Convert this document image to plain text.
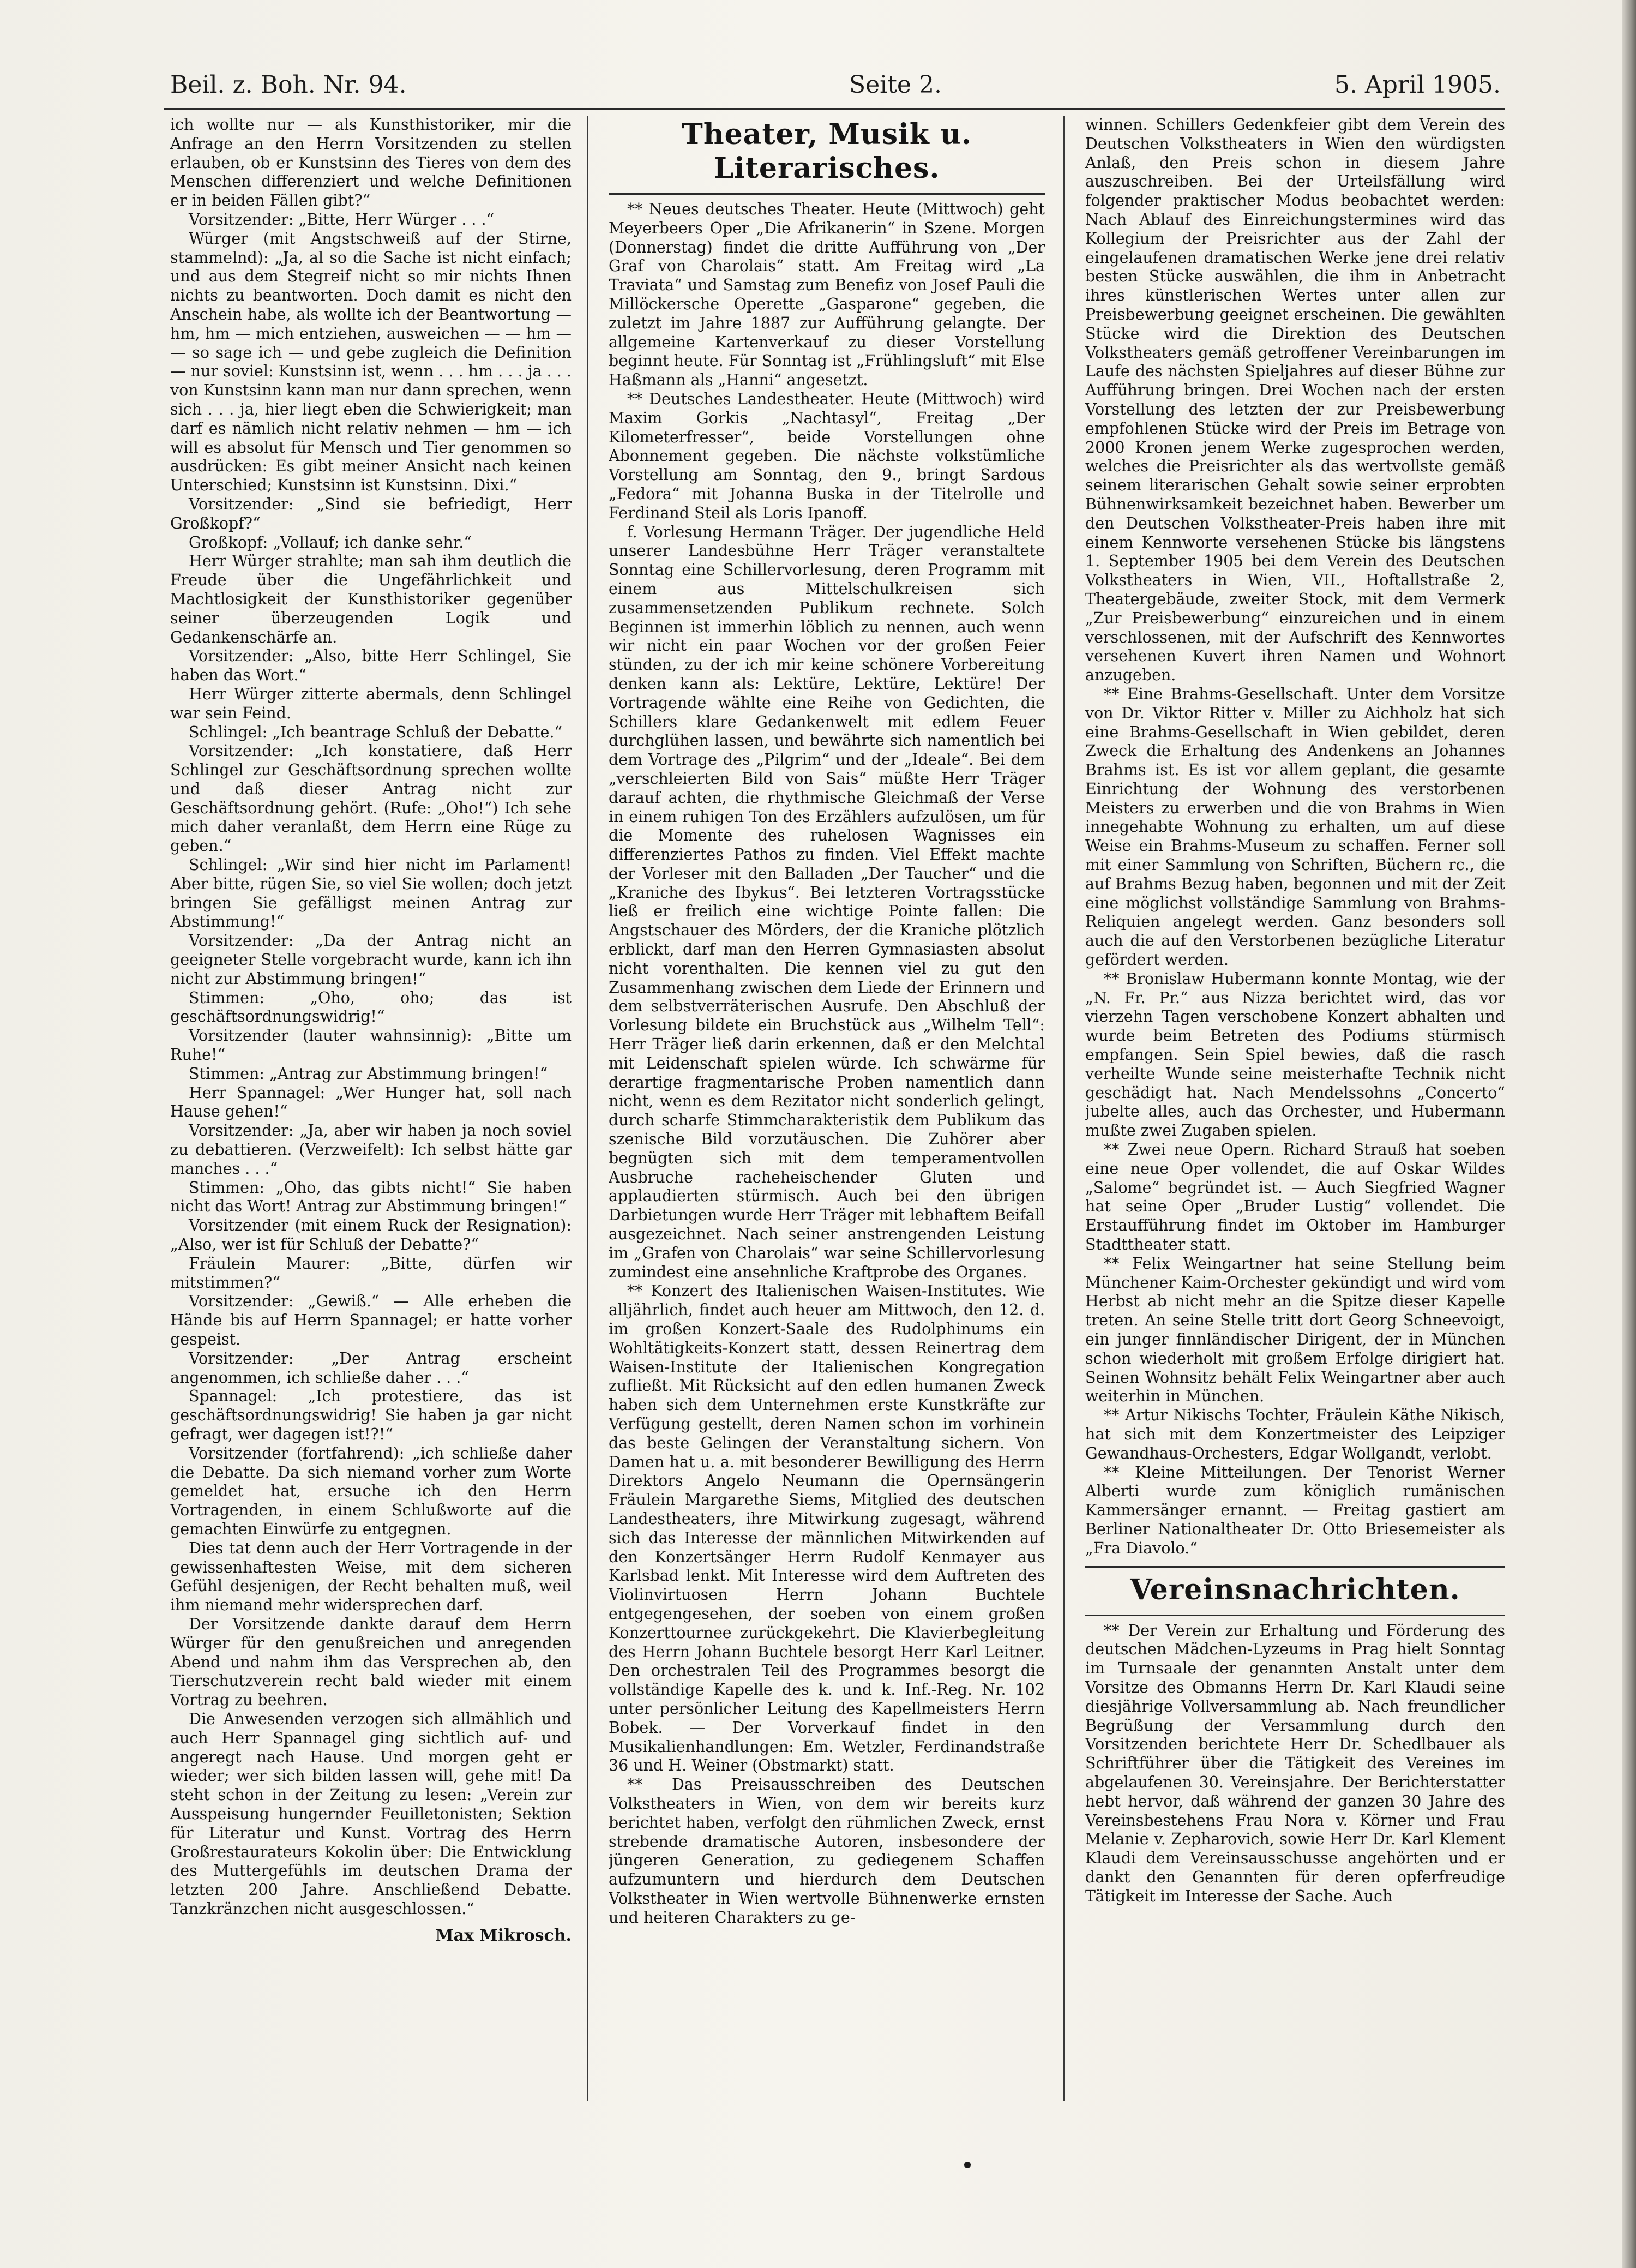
Beil. z. Boh. Nr. 94.	Seite 2.	5. April 1905.

ich wollte nur — als Kunsthistoriker, mir die Anfrage an den Herrn Vorsitzenden zu stellen erlauben, ob er Kunstsinn des Tieres von dem des Menschen differenziert und welche Definitionen er in beiden Fällen gibt?“

Vorsitzender: „Bitte, Herr Würger . . .“

Würger (mit Angstschweiß auf der Stirne, stammelnd): „Ja, al so die Sache ist nicht einfach; und aus dem Stegreif nicht so mir nichts Ihnen nichts zu beantworten. Doch damit es nicht den Anschein habe, als wollte ich der Beantwortung — hm, hm — mich entziehen, ausweichen — — hm — — so sage ich — und gebe zugleich die Definition — nur soviel: Kunstsinn ist, wenn . . . hm . . . ja . . . von Kunstsinn kann man nur dann sprechen, wenn sich . . . ja, hier liegt eben die Schwierigkeit; man darf es nämlich nicht relativ nehmen — hm — ich will es absolut für Mensch und Tier genommen so ausdrücken: Es gibt meiner Ansicht nach keinen Unterschied; Kunstsinn ist Kunstsinn. Dixi.“

Vorsitzender: „Sind sie befriedigt, Herr Großkopf?“

Großkopf: „Vollauf; ich danke sehr.“

Herr Würger strahlte; man sah ihm deutlich die Freude über die Ungefährlichkeit und Machtlosigkeit der Kunsthistoriker gegenüber seiner überzeugenden Logik und Gedankenschärfe an.

Vorsitzender: „Also, bitte Herr Schlingel, Sie haben das Wort.“

Herr Würger zitterte abermals, denn Schlingel war sein Feind.

Schlingel: „Ich beantrage Schluß der Debatte.“

Vorsitzender: „Ich konstatiere, daß Herr Schlingel zur Geschäftsordnung sprechen wollte und daß dieser Antrag nicht zur Geschäftsordnung gehört. (Rufe: „Oho!“) Ich sehe mich daher veranlaßt, dem Herrn eine Rüge zu geben.“

Schlingel: „Wir sind hier nicht im Parlament! Aber bitte, rügen Sie, so viel Sie wollen; doch jetzt bringen Sie gefälligst meinen Antrag zur Abstimmung!“

Vorsitzender: „Da der Antrag nicht an geeigneter Stelle vorgebracht wurde, kann ich ihn nicht zur Abstimmung bringen!“

Stimmen: „Oho, oho; das ist geschäftsordnungswidrig!“

Vorsitzender (lauter wahnsinnig): „Bitte um Ruhe!“

Stimmen: „Antrag zur Abstimmung bringen!“

Herr Spannagel: „Wer Hunger hat, soll nach Hause gehen!“

Vorsitzender: „Ja, aber wir haben ja noch soviel zu debattieren. (Verzweifelt): Ich selbst hätte gar manches . . .“

Stimmen: „Oho, das gibts nicht!“ Sie haben nicht das Wort! Antrag zur Abstimmung bringen!“

Vorsitzender (mit einem Ruck der Resignation): „Also, wer ist für Schluß der Debatte?“

Fräulein Maurer: „Bitte, dürfen wir mitstimmen?“

Vorsitzender: „Gewiß.“ — Alle erheben die Hände bis auf Herrn Spannagel; er hatte vorher gespeist.

Vorsitzender: „Der Antrag erscheint angenommen, ich schließe daher . . .“

Spannagel: „Ich protestiere, das ist geschäftsordnungswidrig! Sie haben ja gar nicht gefragt, wer dagegen ist!?!“

Vorsitzender (fortfahrend): „ich schließe daher die Debatte. Da sich niemand vorher zum Worte gemeldet hat, ersuche ich den Herrn Vortragenden, in einem Schlußworte auf die gemachten Einwürfe zu entgegnen.

Dies tat denn auch der Herr Vortragende in der gewissenhaftesten Weise, mit dem sicheren Gefühl desjenigen, der Recht behalten muß, weil ihm niemand mehr widersprechen darf.

Der Vorsitzende dankte darauf dem Herrn Würger für den genußreichen und anregenden Abend und nahm ihm das Versprechen ab, den Tierschutzverein recht bald wieder mit einem Vortrag zu beehren.

Die Anwesenden verzogen sich allmählich und auch Herr Spannagel ging sichtlich auf- und angeregt nach Hause. Und morgen geht er wieder; wer sich bilden lassen will, gehe mit! Da steht schon in der Zeitung zu lesen: „Verein zur Ausspeisung hungernder Feuilletonisten; Sektion für Literatur und Kunst. Vortrag des Herrn Großrestaurateurs Kokolin über: Die Entwicklung des Muttergefühls im deutschen Drama der letzten 200 Jahre. Anschließend Debatte. Tanzkränzchen nicht ausgeschlossen.“

Max Mikrosch.
Theater, Musik u. Literarisches.

** Neues deutsches Theater. Heute (Mittwoch) geht Meyerbeers Oper „Die Afrikanerin“ in Szene. Morgen (Donnerstag) findet die dritte Aufführung von „Der Graf von Charolais“ statt. Am Freitag wird „La Traviata“ und Samstag zum Benefiz von Josef Pauli die Millöckersche Operette „Gasparone“ gegeben, die zuletzt im Jahre 1887 zur Aufführung gelangte. Der allgemeine Kartenverkauf zu dieser Vorstellung beginnt heute. Für Sonntag ist „Frühlingsluft“ mit Else Haßmann als „Hanni“ angesetzt.

** Deutsches Landestheater. Heute (Mittwoch) wird Maxim Gorkis „Nachtasyl“, Freitag „Der Kilometerfresser“, beide Vorstellungen ohne Abonnement gegeben. Die nächste volkstümliche Vorstellung am Sonntag, den 9., bringt Sardous „Fedora“ mit Johanna Buska in der Titelrolle und Ferdinand Steil als Loris Ipanoff.

f. Vorlesung Hermann Träger. Der jugendliche Held unserer Landesbühne Herr Träger veranstaltete Sonntag eine Schillervorlesung, deren Programm mit einem aus Mittelschulkreisen sich zusammensetzenden Publikum rechnete. Solch Beginnen ist immerhin löblich zu nennen, auch wenn wir nicht ein paar Wochen vor der großen Feier stünden, zu der ich mir keine schönere Vorbereitung denken kann als: Lektüre, Lektüre, Lektüre! Der Vortragende wählte eine Reihe von Gedichten, die Schillers klare Gedankenwelt mit edlem Feuer durchglühen lassen, und bewährte sich namentlich bei dem Vortrage des „Pilgrim“ und der „Ideale“. Bei dem „verschleierten Bild von Sais“ müßte Herr Träger darauf achten, die rhythmische Gleichmaß der Verse in einem ruhigen Ton des Erzählers aufzulösen, um für die Momente des ruhelosen Wagnisses ein differenziertes Pathos zu finden. Viel Effekt machte der Vorleser mit den Balladen „Der Taucher“ und die „Kraniche des Ibykus“. Bei letzteren Vortragsstücke ließ er freilich eine wichtige Pointe fallen: Die Angstschauer des Mörders, der die Kraniche plötzlich erblickt, darf man den Herren Gymnasiasten absolut nicht vorenthalten. Die kennen viel zu gut den Zusammenhang zwischen dem Liede der Erinnern und dem selbstverräterischen Ausrufe. Den Abschluß der Vorlesung bildete ein Bruchstück aus „Wilhelm Tell“: Herr Träger ließ darin erkennen, daß er den Melchtal mit Leidenschaft spielen würde. Ich schwärme für derartige fragmentarische Proben namentlich dann nicht, wenn es dem Rezitator nicht sonderlich gelingt, durch scharfe Stimmcharakteristik dem Publikum das szenische Bild vorzutäuschen. Die Zuhörer aber begnügten sich mit dem temperamentvollen Ausbruche racheheischender Gluten und applaudierten stürmisch. Auch bei den übrigen Darbietungen wurde Herr Träger mit lebhaftem Beifall ausgezeichnet. Nach seiner anstrengenden Leistung im „Grafen von Charolais“ war seine Schillervorlesung zumindest eine ansehnliche Kraftprobe des Organes.

** Konzert des Italienischen Waisen-Institutes. Wie alljährlich, findet auch heuer am Mittwoch, den 12. d. im großen Konzert-Saale des Rudolphinums ein Wohltätigkeits-Konzert statt, dessen Reinertrag dem Waisen-Institute der Italienischen Kongregation zufließt. Mit Rücksicht auf den edlen humanen Zweck haben sich dem Unternehmen erste Kunstkräfte zur Verfügung gestellt, deren Namen schon im vorhinein das beste Gelingen der Veranstaltung sichern. Von Damen hat u. a. mit besonderer Bewilligung des Herrn Direktors Angelo Neumann die Opernsängerin Fräulein Margarethe Siems, Mitglied des deutschen Landestheaters, ihre Mitwirkung zugesagt, während sich das Interesse der männlichen Mitwirkenden auf den Konzertsänger Herrn Rudolf Kenmayer aus Karlsbad lenkt. Mit Interesse wird dem Auftreten des Violinvirtuosen Herrn Johann Buchtele entgegengesehen, der soeben von einem großen Konzerttournee zurückgekehrt. Die Klavierbegleitung des Herrn Johann Buchtele besorgt Herr Karl Leitner. Den orchestralen Teil des Programmes besorgt die vollständige Kapelle des k. und k. Inf.-Reg. Nr. 102 unter persönlicher Leitung des Kapellmeisters Herrn Bobek. — Der Vorverkauf findet in den Musikalienhandlungen: Em. Wetzler, Ferdinandstraße 36 und H. Weiner (Obstmarkt) statt.

** Das Preisausschreiben des Deutschen Volkstheaters in Wien, von dem wir bereits kurz berichtet haben, verfolgt den rühmlichen Zweck, ernst strebende dramatische Autoren, insbesondere der jüngeren Generation, zu gediegenem Schaffen aufzumuntern und hierdurch dem Deutschen Volkstheater in Wien wertvolle Bühnenwerke ernsten und heiteren Charakters zu ge-

winnen. Schillers Gedenkfeier gibt dem Verein des Deutschen Volkstheaters in Wien den würdigsten Anlaß, den Preis schon in diesem Jahre auszuschreiben. Bei der Urteilsfällung wird folgender praktischer Modus beobachtet werden: Nach Ablauf des Einreichungstermines wird das Kollegium der Preisrichter aus der Zahl der eingelaufenen dramatischen Werke jene drei relativ besten Stücke auswählen, die ihm in Anbetracht ihres künstlerischen Wertes unter allen zur Preisbewerbung geeignet erscheinen. Die gewählten Stücke wird die Direktion des Deutschen Volkstheaters gemäß getroffener Vereinbarungen im Laufe des nächsten Spieljahres auf dieser Bühne zur Aufführung bringen. Drei Wochen nach der ersten Vorstellung des letzten der zur Preisbewerbung empfohlenen Stücke wird der Preis im Betrage von 2000 Kronen jenem Werke zugesprochen werden, welches die Preisrichter als das wertvollste gemäß seinem literarischen Gehalt sowie seiner erprobten Bühnenwirksamkeit bezeichnet haben. Bewerber um den Deutschen Volkstheater-Preis haben ihre mit einem Kennworte versehenen Stücke bis längstens 1. September 1905 bei dem Verein des Deutschen Volkstheaters in Wien, VII., Hoftallstraße 2, Theatergebäude, zweiter Stock, mit dem Vermerk „Zur Preisbewerbung“ einzureichen und in einem verschlossenen, mit der Aufschrift des Kennwortes versehenen Kuvert ihren Namen und Wohnort anzugeben.

** Eine Brahms-Gesellschaft. Unter dem Vorsitze von Dr. Viktor Ritter v. Miller zu Aichholz hat sich eine Brahms-Gesellschaft in Wien gebildet, deren Zweck die Erhaltung des Andenkens an Johannes Brahms ist. Es ist vor allem geplant, die gesamte Einrichtung der Wohnung des verstorbenen Meisters zu erwerben und die von Brahms in Wien innegehabte Wohnung zu erhalten, um auf diese Weise ein Brahms-Museum zu schaffen. Ferner soll mit einer Sammlung von Schriften, Büchern rc., die auf Brahms Bezug haben, begonnen und mit der Zeit eine möglichst vollständige Sammlung von Brahms-Reliquien angelegt werden. Ganz besonders soll auch die auf den Verstorbenen bezügliche Literatur gefördert werden.

** Bronislaw Hubermann konnte Montag, wie der „N. Fr. Pr.“ aus Nizza berichtet wird, das vor vierzehn Tagen verschobene Konzert abhalten und wurde beim Betreten des Podiums stürmisch empfangen. Sein Spiel bewies, daß die rasch verheilte Wunde seine meisterhafte Technik nicht geschädigt hat. Nach Mendelssohns „Concerto“ jubelte alles, auch das Orchester, und Hubermann mußte zwei Zugaben spielen.

** Zwei neue Opern. Richard Strauß hat soeben eine neue Oper vollendet, die auf Oskar Wildes „Salome“ begründet ist. — Auch Siegfried Wagner hat seine Oper „Bruder Lustig“ vollendet. Die Erstaufführung findet im Oktober im Hamburger Stadttheater statt.

** Felix Weingartner hat seine Stellung beim Münchener Kaim-Orchester gekündigt und wird vom Herbst ab nicht mehr an die Spitze dieser Kapelle treten. An seine Stelle tritt dort Georg Schneevoigt, ein junger finnländischer Dirigent, der in München schon wiederholt mit großem Erfolge dirigiert hat. Seinen Wohnsitz behält Felix Weingartner aber auch weiterhin in München.

** Artur Nikischs Tochter, Fräulein Käthe Nikisch, hat sich mit dem Konzertmeister des Leipziger Gewandhaus-Orchesters, Edgar Wollgandt, verlobt.

** Kleine Mitteilungen. Der Tenorist Werner Alberti wurde zum königlich rumänischen Kammersänger ernannt. — Freitag gastiert am Berliner Nationaltheater Dr. Otto Briesemeister als „Fra Diavolo.“

Vereinsnachrichten.

** Der Verein zur Erhaltung und Förderung des deutschen Mädchen-Lyzeums in Prag hielt Sonntag im Turnsaale der genannten Anstalt unter dem Vorsitze des Obmanns Herrn Dr. Karl Klaudi seine diesjährige Vollversammlung ab. Nach freundlicher Begrüßung der Versammlung durch den Vorsitzenden berichtete Herr Dr. Schedlbauer als Schriftführer über die Tätigkeit des Vereines im abgelaufenen 30. Vereinsjahre. Der Berichterstatter hebt hervor, daß während der ganzen 30 Jahre des Vereinsbestehens Frau Nora v. Körner und Frau Melanie v. Zepharovich, sowie Herr Dr. Karl Klement Klaudi dem Vereinsausschusse angehörten und er dankt den Genannten für deren opferfreudige Tätigkeit im Interesse der Sache. Auch
